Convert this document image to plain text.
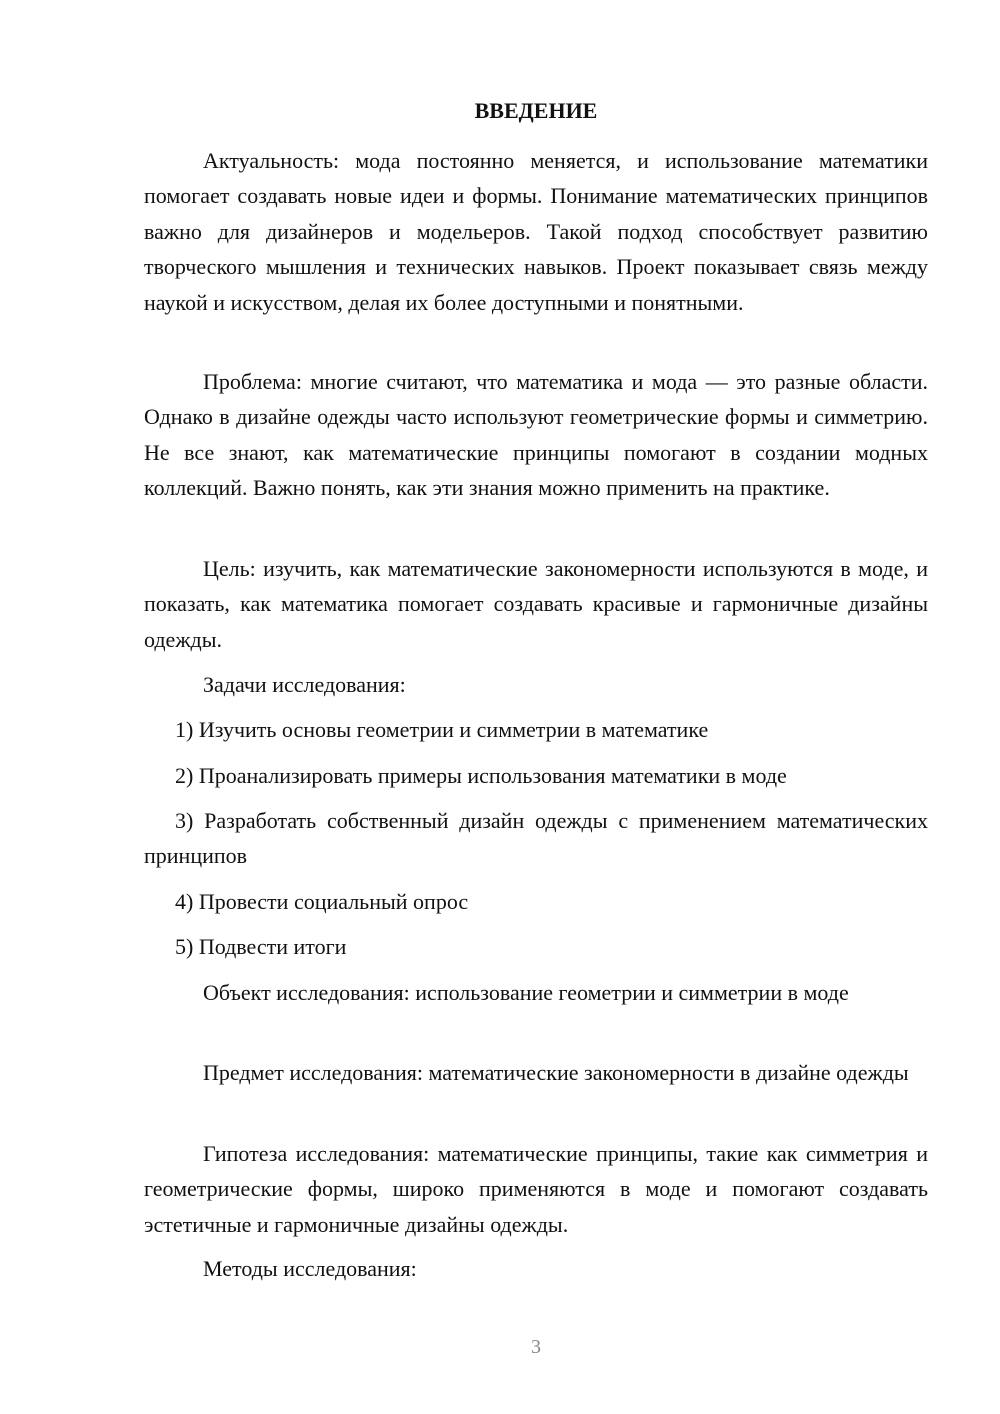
ВВЕДЕНИЕ

Актуальность: мода постоянно меняется, и использование математики помогает создавать новые идеи и формы. Понимание математических принципов важно для дизайнеров и модельеров. Такой подход способствует развитию творческого мышления и технических навыков. Проект показывает связь между наукой и искусством, делая их более доступными и понятными.

Проблема: многие считают, что математика и мода — это разные области. Однако в дизайне одежды часто используют геометрические формы и симметрию. Не все знают, как математические принципы помогают в создании модных коллекций. Важно понять, как эти знания можно применить на практике.

Цель: изучить, как математические закономерности используются в моде, и показать, как математика помогает создавать красивые и гармоничные дизайны одежды.

Задачи исследования:

1) Изучить основы геометрии и симметрии в математике

2) Проанализировать примеры использования математики в моде

3) Разработать собственный дизайн одежды с применением математических принципов

4) Провести социальный опрос

5) Подвести итоги

Объект исследования: использование геометрии и симметрии в моде

Предмет исследования: математические закономерности в дизайне одежды

Гипотеза исследования: математические принципы, такие как симметрия и геометрические формы, широко применяются в моде и помогают создавать эстетичные и гармоничные дизайны одежды.

Методы исследования:

3
